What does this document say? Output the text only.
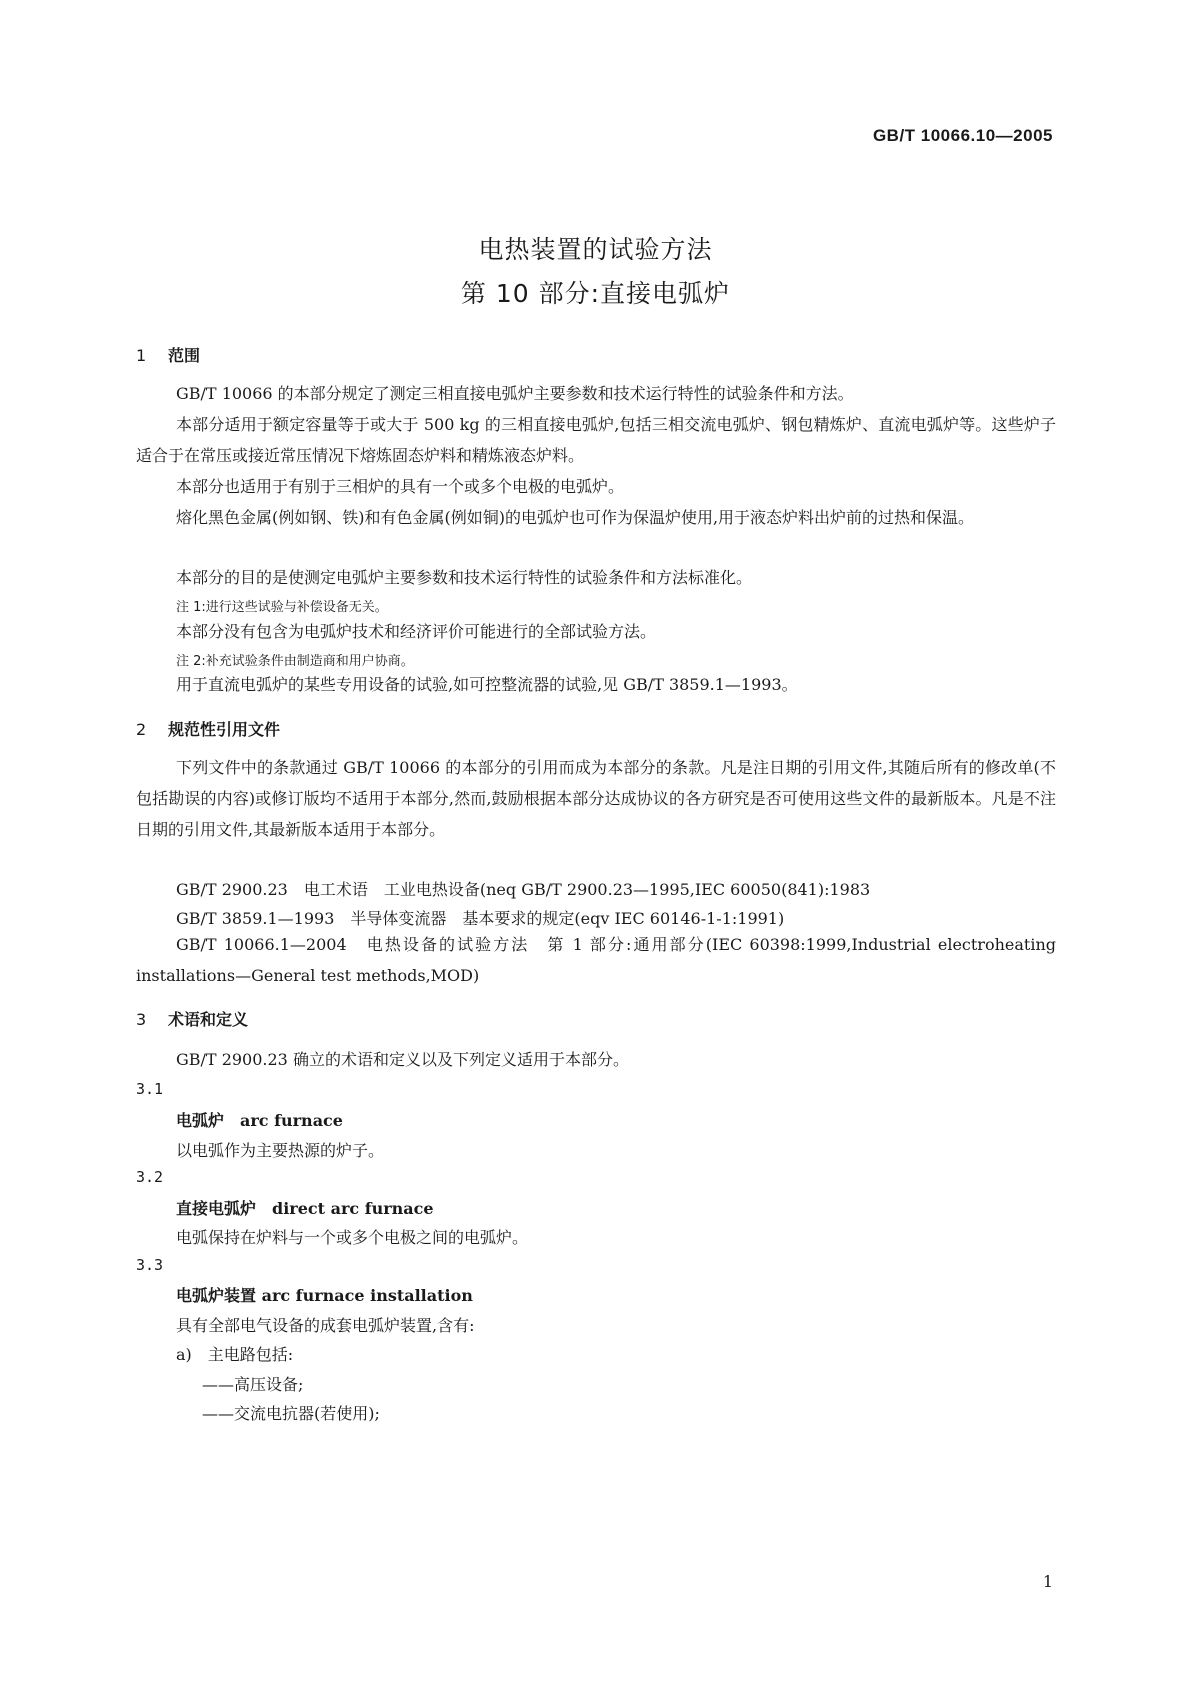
GB/T 10066.10—2005
电热装置的试验方法
第 10 部分:直接电弧炉
1 范围
GB/T 10066 的本部分规定了测定三相直接电弧炉主要参数和技术运行特性的试验条件和方法。
本部分适用于额定容量等于或大于 500 kg 的三相直接电弧炉,包括三相交流电弧炉、钢包精炼炉、直流电弧炉等。这些炉子适合于在常压或接近常压情况下熔炼固态炉料和精炼液态炉料。
本部分也适用于有别于三相炉的具有一个或多个电极的电弧炉。
熔化黑色金属(例如钢、铁)和有色金属(例如铜)的电弧炉也可作为保温炉使用,用于液态炉料出炉前的过热和保温。
本部分的目的是使测定电弧炉主要参数和技术运行特性的试验条件和方法标准化。
注 1:进行这些试验与补偿设备无关。
本部分没有包含为电弧炉技术和经济评价可能进行的全部试验方法。
注 2:补充试验条件由制造商和用户协商。
用于直流电弧炉的某些专用设备的试验,如可控整流器的试验,见 GB/T 3859.1—1993。
2 规范性引用文件
下列文件中的条款通过 GB/T 10066 的本部分的引用而成为本部分的条款。凡是注日期的引用文件,其随后所有的修改单(不包括勘误的内容)或修订版均不适用于本部分,然而,鼓励根据本部分达成协议的各方研究是否可使用这些文件的最新版本。凡是不注日期的引用文件,其最新版本适用于本部分。
GB/T 2900.23　电工术语　工业电热设备(neq GB/T 2900.23—1995,IEC 60050(841):1983
GB/T 3859.1—1993　半导体变流器　基本要求的规定(eqv IEC 60146-1-1:1991)
GB/T 10066.1—2004　电热设备的试验方法　第 1 部分:通用部分(IEC 60398:1999,Industrial electroheating installations—General test methods,MOD)
3 术语和定义
GB/T 2900.23 确立的术语和定义以及下列定义适用于本部分。
3.1
电弧炉　arc furnace
以电弧作为主要热源的炉子。
3.2
直接电弧炉　direct arc furnace
电弧保持在炉料与一个或多个电极之间的电弧炉。
3.3
电弧炉装置 arc furnace installation
具有全部电气设备的成套电弧炉装置,含有:
a)　主电路包括:
——高压设备;
——交流电抗器(若使用);
1
